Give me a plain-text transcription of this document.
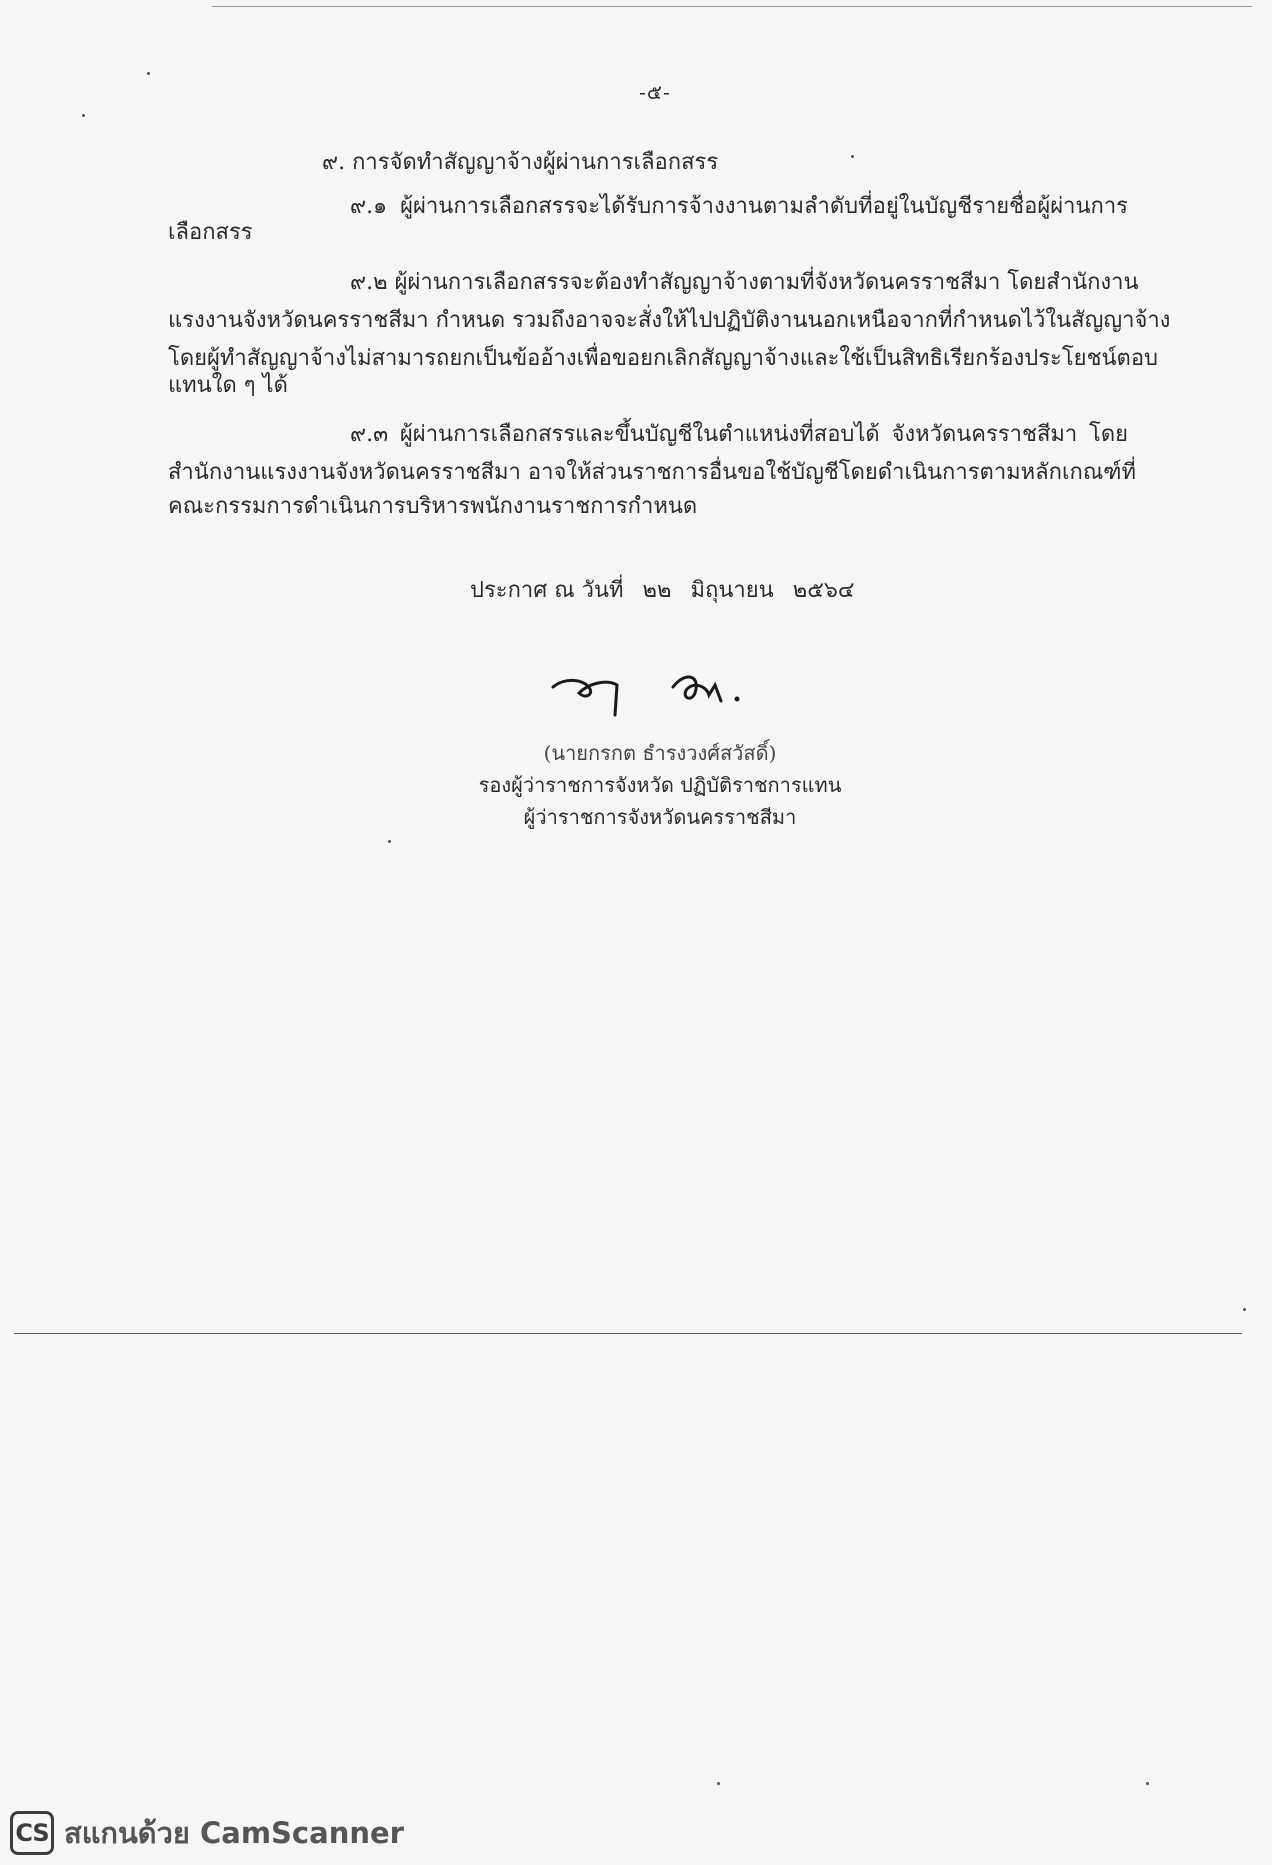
-๕-
๙. การจัดทำสัญญาจ้างผู้ผ่านการเลือกสรร
๙.๑ ผู้ผ่านการเลือกสรรจะได้รับการจ้างงานตามลำดับที่อยู่ในบัญชีรายชื่อผู้ผ่านการ
เลือกสรร
๙.๒ ผู้ผ่านการเลือกสรรจะต้องทำสัญญาจ้างตามที่จังหวัดนครราชสีมา โดยสำนักงาน
แรงงานจังหวัดนครราชสีมา กำหนด รวมถึงอาจจะสั่งให้ไปปฏิบัติงานนอกเหนือจากที่กำหนดไว้ในสัญญาจ้าง
โดยผู้ทำสัญญาจ้างไม่สามารถยกเป็นข้ออ้างเพื่อขอยกเลิกสัญญาจ้างและใช้เป็นสิทธิเรียกร้องประโยชน์ตอบ
แทนใด ๆ ได้
๙.๓ ผู้ผ่านการเลือกสรรและขึ้นบัญชีในตำแหน่งที่สอบได้ จังหวัดนครราชสีมา โดย
สำนักงานแรงงานจังหวัดนครราชสีมา อาจให้ส่วนราชการอื่นขอใช้บัญชีโดยดำเนินการตามหลักเกณฑ์ที่
คณะกรรมการดำเนินการบริหารพนักงานราชการกำหนด
ประกาศ ณ วันที่ ๒๒ มิถุนายน ๒๕๖๔
(นายกรกต ธำรงวงศ์สวัสดิ์)
รองผู้ว่าราชการจังหวัด ปฏิบัติราชการแทน
ผู้ว่าราชการจังหวัดนครราชสีมา
CS สแกนด้วย CamScanner
